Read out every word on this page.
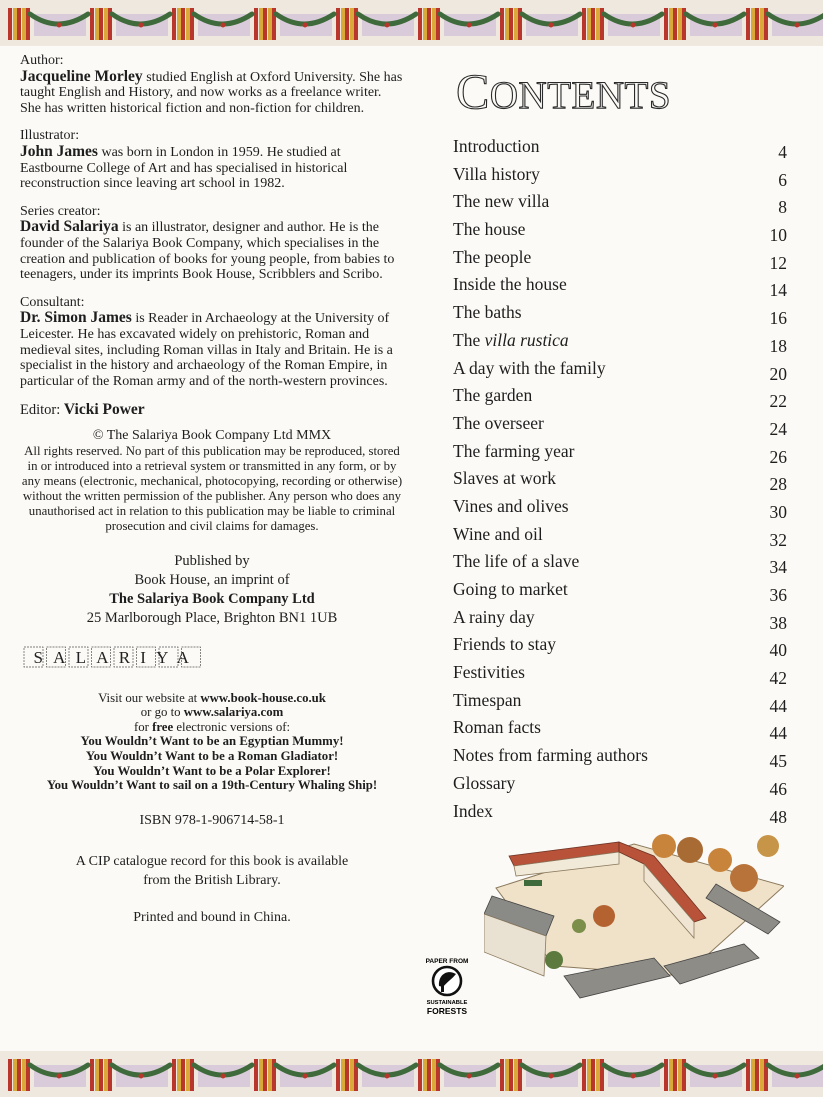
Author:
Jacqueline Morley studied English at Oxford University. She has taught English and History, and now works as a freelance writer. She has written historical fiction and non-fiction for children.
Illustrator:
John James was born in London in 1959. He studied at Eastbourne College of Art and has specialised in historical reconstruction since leaving art school in 1982.
Series creator:
David Salariya is an illustrator, designer and author. He is the founder of the Salariya Book Company, which specialises in the creation and publication of books for young people, from babies to teenagers, under its imprints Book House, Scribblers and Scribo.
Consultant:
Dr. Simon James is Reader in Archaeology at the University of Leicester. He has excavated widely on prehistoric, Roman and medieval sites, including Roman villas in Italy and Britain. He is a specialist in the history and archaeology of the Roman Empire, in particular of the Roman army and of the north-western provinces.
Editor: Vicki Power
© The Salariya Book Company Ltd MMX
All rights reserved. No part of this publication may be reproduced, stored in or introduced into a retrieval system or transmitted in any form, or by any means (electronic, mechanical, photocopying, recording or otherwise) without the written permission of the publisher. Any person who does any unauthorised act in relation to this publication may be liable to criminal prosecution and civil claims for damages.
Published by
Book House, an imprint of
The Salariya Book Company Ltd
25 Marlborough Place, Brighton BN1 1UB
SALARIYA
Visit our website at www.book-house.co.uk
or go to www.salariya.com
for free electronic versions of:
You Wouldn’t Want to be an Egyptian Mummy!
You Wouldn’t Want to be a Roman Gladiator!
You Wouldn’t Want to be a Polar Explorer!
You Wouldn’t Want to sail on a 19th-Century Whaling Ship!
ISBN 978-1-906714-58-1
A CIP catalogue record for this book is available
from the British Library.
Printed and bound in China.
CONTENTS
Introduction	4
Villa history	6
The new villa	8
The house	10
The people	12
Inside the house	14
The baths	16
The villa rustica	18
A day with the family	20
The garden	22
The overseer	24
The farming year	26
Slaves at work	28
Vines and olives	30
Wine and oil	32
The life of a slave	34
Going to market	36
A rainy day	38
Friends to stay	40
Festivities	42
Timespan	44
Roman facts	44
Notes from farming authors	45
Glossary	46
Index	48
PAPER FROM
SUSTAINABLE
FORESTS
